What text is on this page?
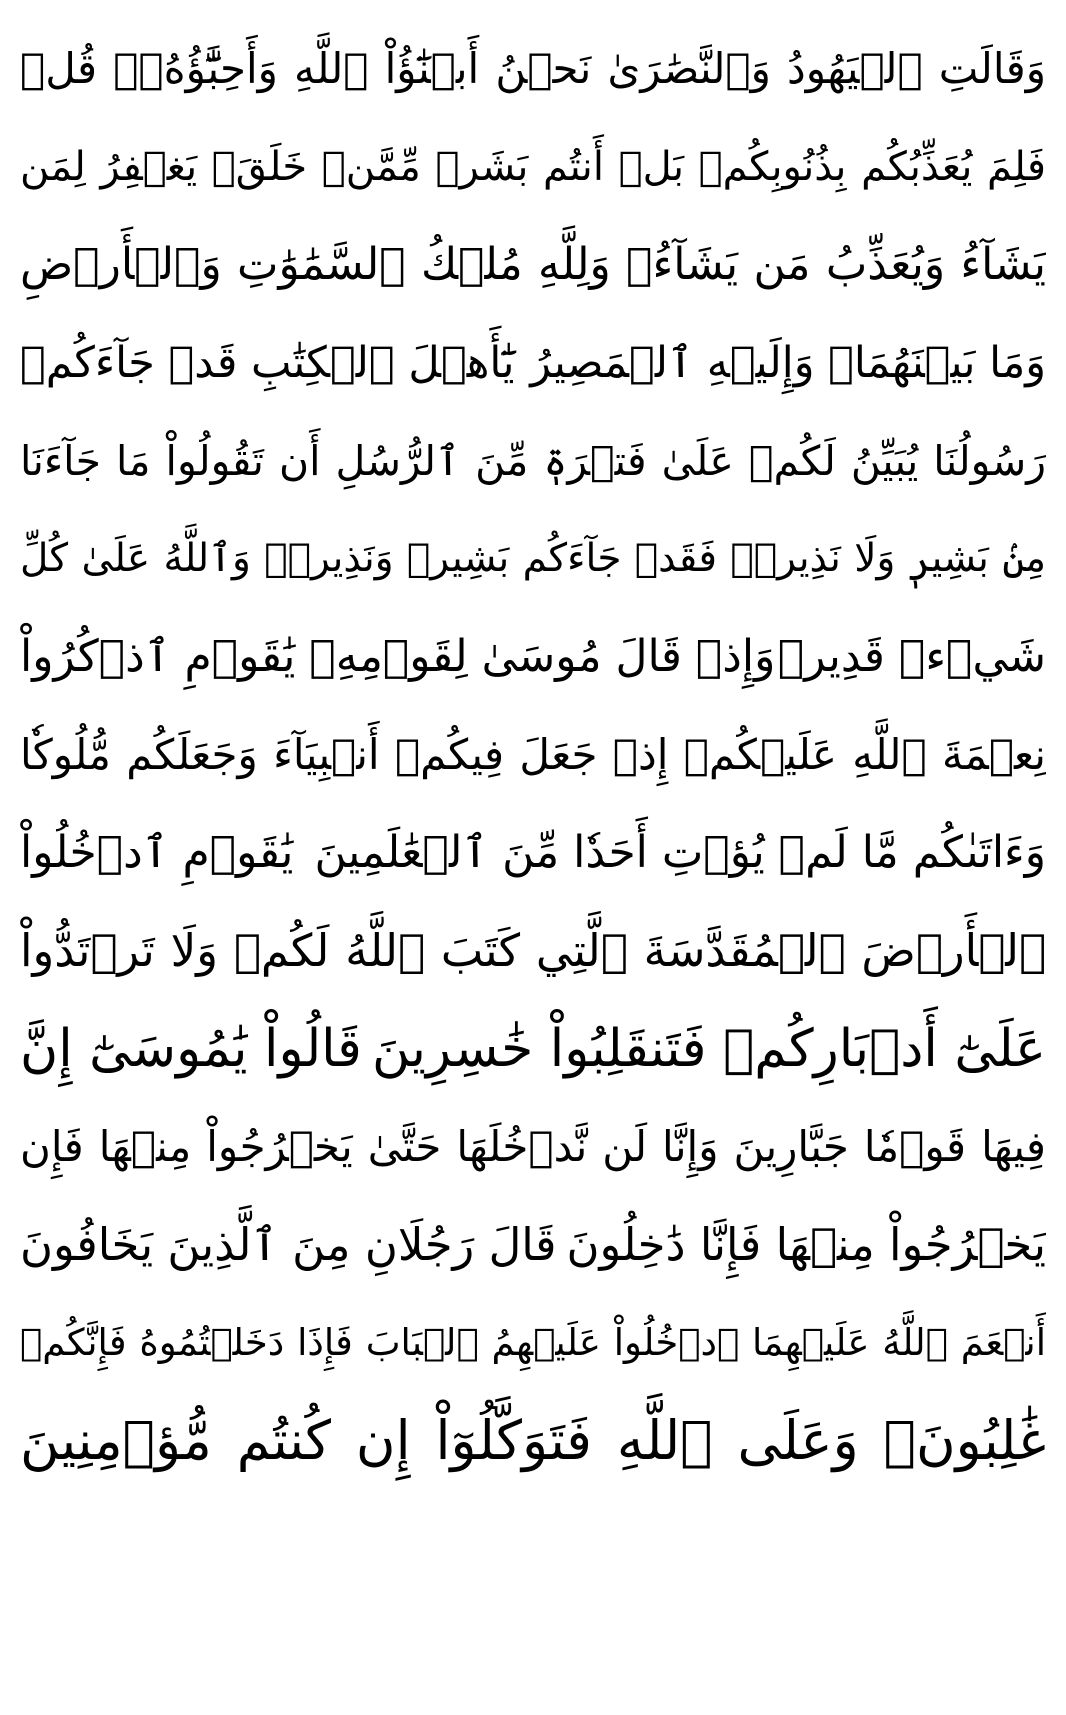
وَقَالَتِ ٱلۡيَهُودُ وَٱلنَّصَٰرَىٰ نَحۡنُ أَبۡنَٰٓؤُاْ ٱللَّهِ وَأَحِبَّٰٓؤُهُۥۚ قُلۡ
فَلِمَ يُعَذِّبُكُم بِذُنُوبِكُمۖ بَلۡ أَنتُم بَشَرٞ مِّمَّنۡ خَلَقَۚ يَغۡفِرُ لِمَن
يَشَآءُ وَيُعَذِّبُ مَن يَشَآءُۚ وَلِلَّهِ مُلۡكُ ٱلسَّمَٰوَٰتِ وَٱلۡأَرۡضِ
وَمَا بَيۡنَهُمَاۖ وَإِلَيۡهِ ٱلۡمَصِيرُ
يَٰٓأَهۡلَ ٱلۡكِتَٰبِ قَدۡ جَآءَكُمۡ
رَسُولُنَا يُبَيِّنُ لَكُمۡ عَلَىٰ فَتۡرَةٖ مِّنَ ٱلرُّسُلِ أَن تَقُولُواْ مَا جَآءَنَا
مِنۢ بَشِيرٖ وَلَا نَذِيرٖۖ فَقَدۡ جَآءَكُم بَشِيرٞ وَنَذِيرٞۗ وَٱللَّهُ عَلَىٰ كُلِّ
شَيۡءٖ قَدِيرٞ
وَإِذۡ قَالَ مُوسَىٰ لِقَوۡمِهِۦ يَٰقَوۡمِ ٱذۡكُرُواْ
نِعۡمَةَ ٱللَّهِ عَلَيۡكُمۡ إِذۡ جَعَلَ فِيكُمۡ أَنۢبِيَآءَ وَجَعَلَكُم مُّلُوكٗا
وَءَاتَىٰكُم مَّا لَمۡ يُؤۡتِ أَحَدٗا مِّنَ ٱلۡعَٰلَمِينَ
يَٰقَوۡمِ ٱدۡخُلُواْ
ٱلۡأَرۡضَ ٱلۡمُقَدَّسَةَ ٱلَّتِي كَتَبَ ٱللَّهُ لَكُمۡ وَلَا تَرۡتَدُّواْ
عَلَىٰٓ أَدۡبَارِكُمۡ فَتَنقَلِبُواْ خَٰسِرِينَ
قَالُواْ يَٰمُوسَىٰٓ إِنَّ
فِيهَا قَوۡمٗا جَبَّارِينَ وَإِنَّا لَن نَّدۡخُلَهَا حَتَّىٰ يَخۡرُجُواْ مِنۡهَا فَإِن
يَخۡرُجُواْ مِنۡهَا فَإِنَّا دَٰخِلُونَ
قَالَ رَجُلَانِ مِنَ ٱلَّذِينَ يَخَافُونَ
أَنۡعَمَ ٱللَّهُ عَلَيۡهِمَا ٱدۡخُلُواْ عَلَيۡهِمُ ٱلۡبَابَ فَإِذَا دَخَلۡتُمُوهُ فَإِنَّكُمۡ
غَٰلِبُونَۚ وَعَلَى ٱللَّهِ فَتَوَكَّلُوٓاْ إِن كُنتُم مُّؤۡمِنِينَ
